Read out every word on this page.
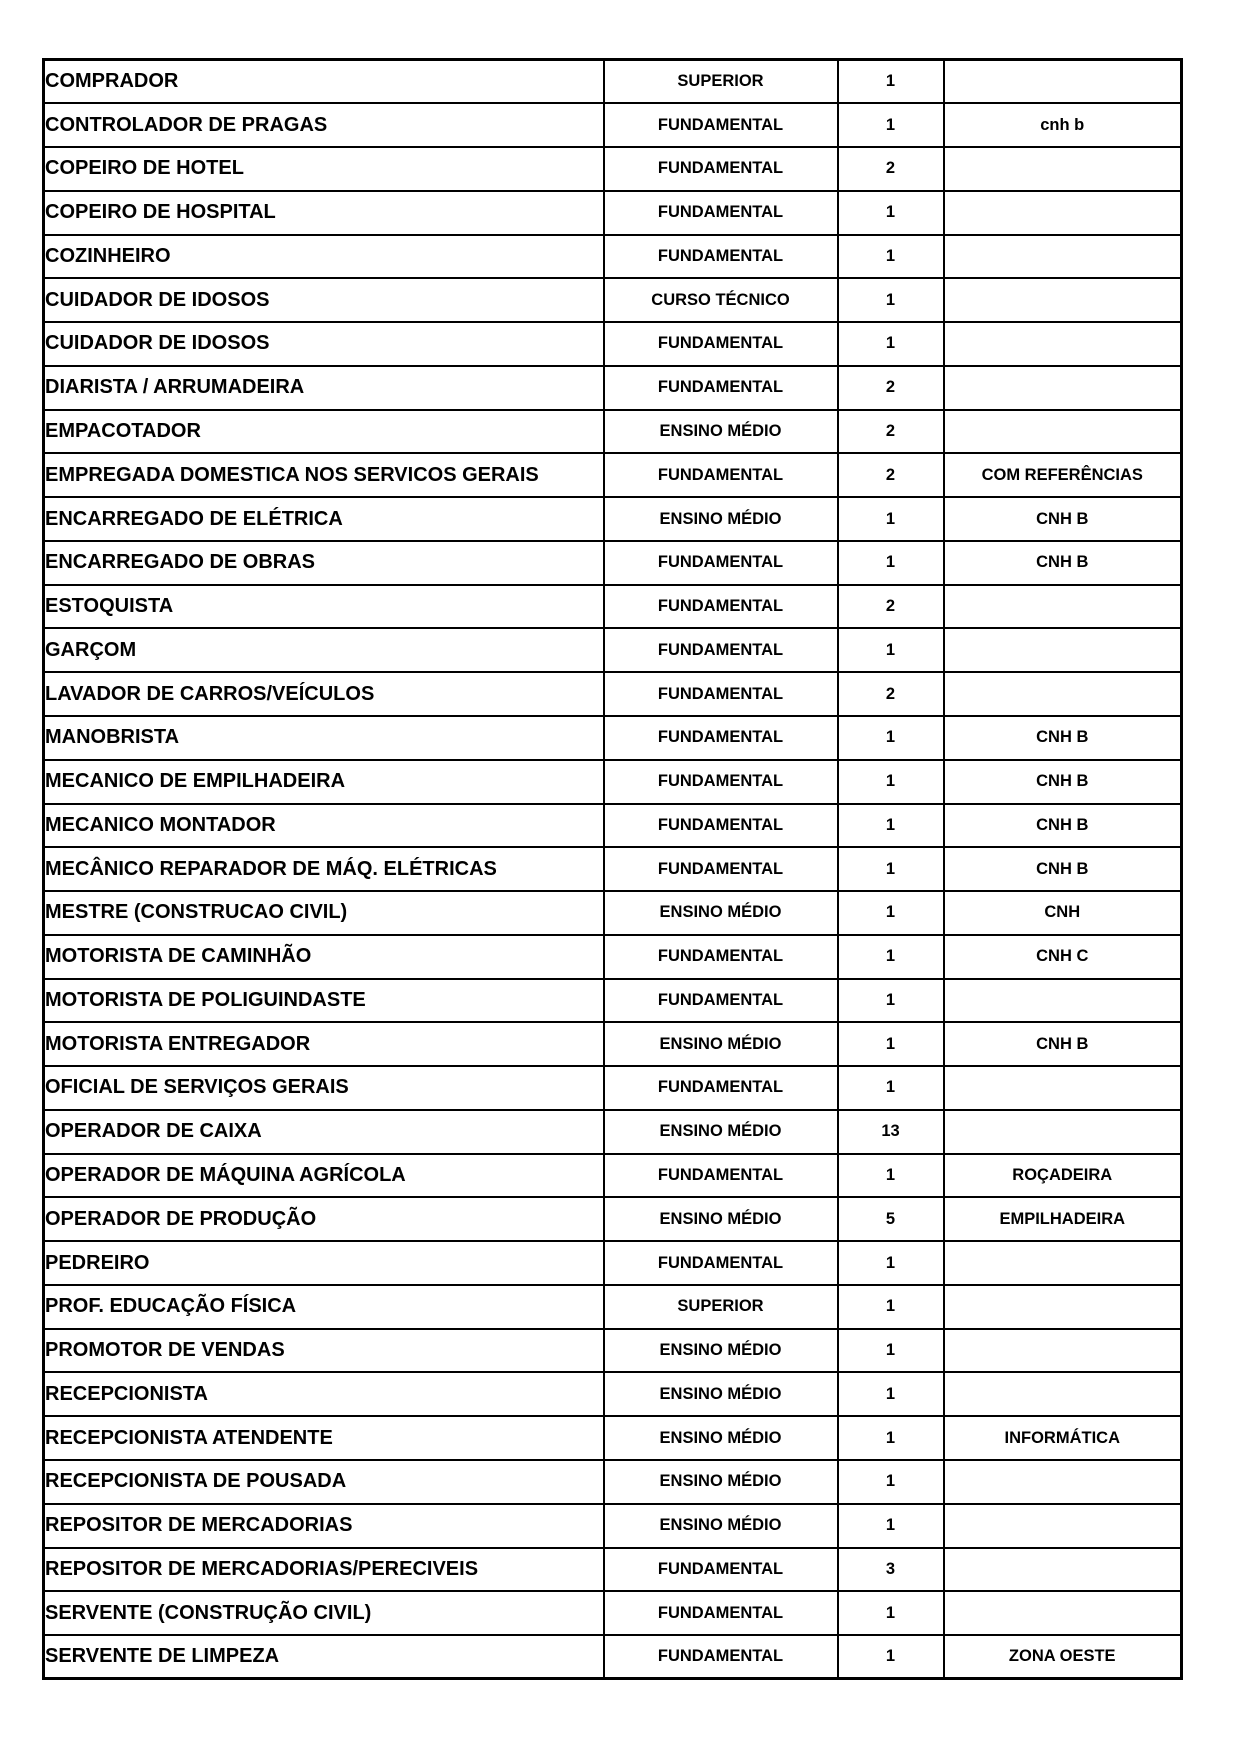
COMPRADOR	SUPERIOR	1	
CONTROLADOR DE PRAGAS	FUNDAMENTAL	1	cnh b
COPEIRO DE HOTEL	FUNDAMENTAL	2	
COPEIRO DE HOSPITAL	FUNDAMENTAL	1	
COZINHEIRO	FUNDAMENTAL	1	
CUIDADOR DE IDOSOS	CURSO TÉCNICO	1	
CUIDADOR DE IDOSOS	FUNDAMENTAL	1	
DIARISTA / ARRUMADEIRA	FUNDAMENTAL	2	
EMPACOTADOR	ENSINO MÉDIO	2	
EMPREGADA DOMESTICA NOS SERVICOS GERAIS	FUNDAMENTAL	2	COM REFERÊNCIAS
ENCARREGADO DE ELÉTRICA	ENSINO MÉDIO	1	CNH B
ENCARREGADO DE OBRAS	FUNDAMENTAL	1	CNH B
ESTOQUISTA	FUNDAMENTAL	2	
GARÇOM	FUNDAMENTAL	1	
LAVADOR DE CARROS/VEÍCULOS	FUNDAMENTAL	2	
MANOBRISTA	FUNDAMENTAL	1	CNH B
MECANICO DE EMPILHADEIRA	FUNDAMENTAL	1	CNH B
MECANICO MONTADOR	FUNDAMENTAL	1	CNH B
MECÂNICO REPARADOR DE MÁQ. ELÉTRICAS	FUNDAMENTAL	1	CNH B
MESTRE (CONSTRUCAO CIVIL)	ENSINO MÉDIO	1	CNH
MOTORISTA DE CAMINHÃO	FUNDAMENTAL	1	CNH C
MOTORISTA DE POLIGUINDASTE	FUNDAMENTAL	1	
MOTORISTA ENTREGADOR	ENSINO MÉDIO	1	CNH B
OFICIAL DE SERVIÇOS GERAIS	FUNDAMENTAL	1	
OPERADOR DE CAIXA	ENSINO MÉDIO	13	
OPERADOR DE MÁQUINA AGRÍCOLA	FUNDAMENTAL	1	ROÇADEIRA
OPERADOR DE PRODUÇÃO	ENSINO MÉDIO	5	EMPILHADEIRA
PEDREIRO	FUNDAMENTAL	1	
PROF. EDUCAÇÃO FÍSICA	SUPERIOR	1	
PROMOTOR DE VENDAS	ENSINO MÉDIO	1	
RECEPCIONISTA	ENSINO MÉDIO	1	
RECEPCIONISTA ATENDENTE	ENSINO MÉDIO	1	INFORMÁTICA
RECEPCIONISTA DE POUSADA	ENSINO MÉDIO	1	
REPOSITOR DE MERCADORIAS	ENSINO MÉDIO	1	
REPOSITOR DE MERCADORIAS/PERECIVEIS	FUNDAMENTAL	3	
SERVENTE (CONSTRUÇÃO CIVIL)	FUNDAMENTAL	1	
SERVENTE DE LIMPEZA	FUNDAMENTAL	1	ZONA OESTE
